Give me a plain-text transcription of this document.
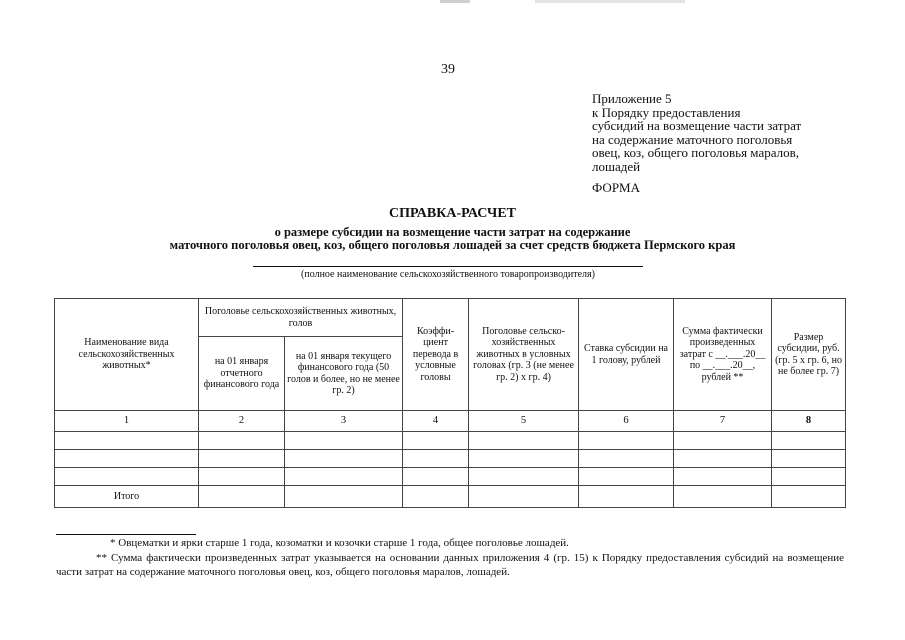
39
Приложение 5
к Порядку предоставления
субсидий на возмещение части затрат
на содержание маточного поголовья
овец, коз, общего поголовья маралов,
лошадей
ФОРМА
СПРАВКА-РАСЧЕТ
о размере субсидии на возмещение части затрат на содержание
маточного поголовья овец, коз, общего поголовья лошадей за счет средств бюджета Пермского края
(полное наименование сельскохозяйственного товаропроизводителя)
Наименование вида сельскохозяйственных животных*	Поголовье сельскохозяйственных животных, голов		Коэффи-циент перевода в условные головы	Поголовье сельско-хозяйственных животных в условных головах (гр. 3 (не менее гр. 2) х гр. 4)	Ставка субсидии на 1 голову, рублей	Сумма фактически произведенных затрат с __.___.20__ по __.___.20__, рублей **	Размер субсидии, руб. (гр. 5 х гр. 6, но не более гр. 7)
	на 01 января отчетного финансового года	на 01 января текущего финансового года (50 голов и более, но не менее гр. 2)					
1	2	3	4	5	6	7	8

Итого							
* Овцематки и ярки старше 1 года, козоматки и козочки старше 1 года, общее поголовье лошадей.
** Сумма фактически произведенных затрат указывается на основании данных приложения 4 (гр. 15) к Порядку предоставления субсидий на возмещение части затрат на содержание маточного поголовья овец, коз, общего поголовья маралов, лошадей.
